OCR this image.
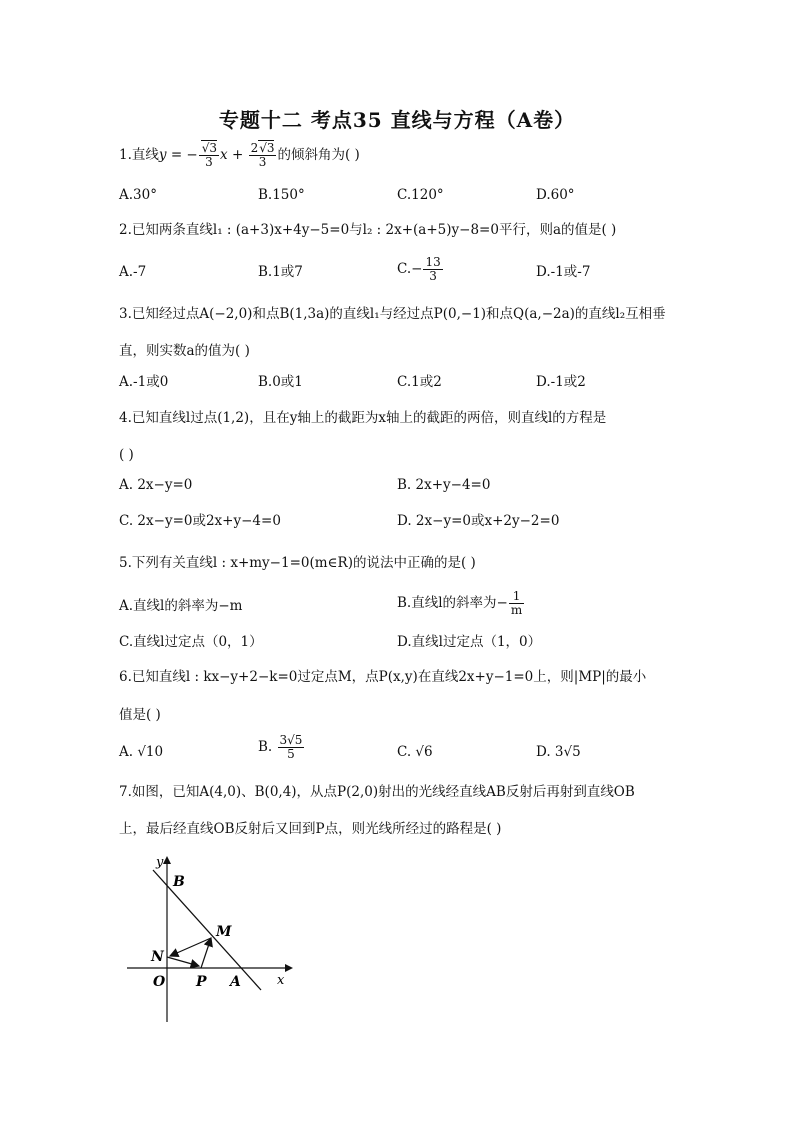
专题十二 考点35 直线与方程（A卷）
1.直线y = − $\frac{√3}{3}$ $x + \frac{2√3}{3}$ 的倾斜角为( )
A.30°	B.150°	C.120°	D.60°
2.已知两条直线l₁ : (a+3)x+4y−5=0与l₂ : 2x+(a+5)y−8=0平行，则a的值是( )
A.-7	B.1或7	$C.- \frac{13}{3}$	D.-1或-7
3.已知经过点A(−2,0)和点B(1,3a)的直线l₁与经过点P(0,−1)和点Q(a,−2a)的直线l₂互相垂
直，则实数a的值为( )
A.-1或0	B.0或1	C.1或2	D.-1或2
4.已知直线l过点(1,2)，且在y轴上的截距为x轴上的截距的两倍，则直线l的方程是
( )
A. 2x−y=0	B. 2x+y−4=0
C. 2x−y=0或2x+y−4=0	D. 2x−y=0或x+2y−2=0
5.下列有关直线l : x+my−1=0(m∈R)的说法中正确的是( )
A.直线l的斜率为−m	B.直线l的斜率为− $\frac{1}{m}$
C.直线l过定点（0，1）	D.直线l过定点（1，0）
6.已知直线l : kx−y+2−k=0过定点M，点P(x,y)在直线2x+y−1=0上，则|MP|的最小
值是( )
A. √10	B. $\frac{3√5}{5}$	C. √6	D. 3√5
7.如图，已知A(4,0)、B(0,4)，从点P(2,0)射出的光线经直线AB反射后再射到直线OB
上，最后经直线OB反射后又回到P点，则光线所经过的路程是( )
y
x
B
M
N
O P A
